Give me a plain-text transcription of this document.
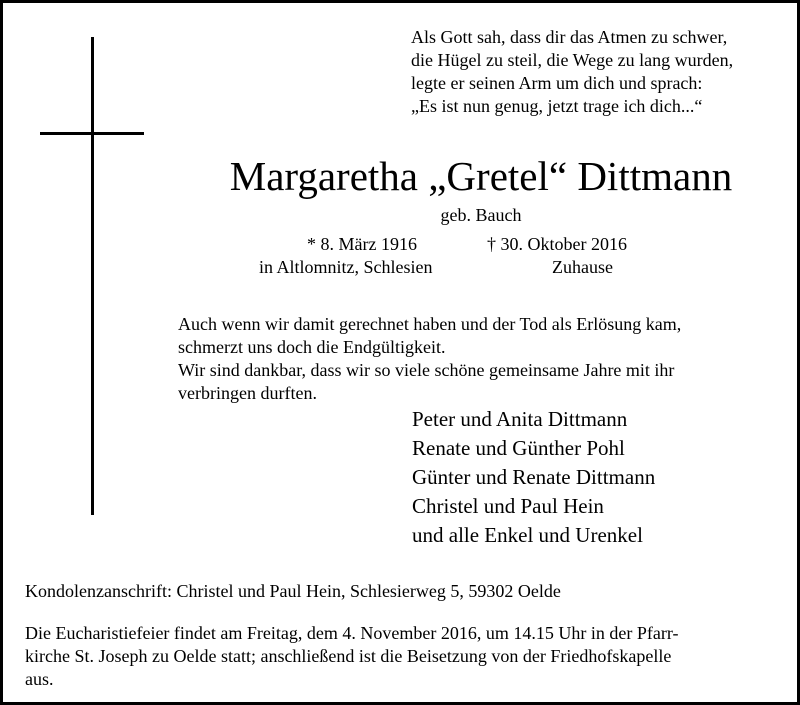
Als Gott sah, dass dir das Atmen zu schwer,
die Hügel zu steil, die Wege zu lang wurden,
legte er seinen Arm um dich und sprach:
„Es ist nun genug, jetzt trage ich dich...“
Margaretha „Gretel“ Dittmann
geb. Bauch
* 8. März 1916
in Altlomnitz, Schlesien
† 30. Oktober 2016
Zuhause
Auch wenn wir damit gerechnet haben und der Tod als Erlösung kam,
schmerzt uns doch die Endgültigkeit.
Wir sind dankbar, dass wir so viele schöne gemeinsame Jahre mit ihr
verbringen durften.
Peter und Anita Dittmann
Renate und Günther Pohl
Günter und Renate Dittmann
Christel und Paul Hein
und alle Enkel und Urenkel
Kondolenzanschrift: Christel und Paul Hein, Schlesierweg 5, 59302 Oelde
Die Eucharistiefeier findet am Freitag, dem 4. November 2016, um 14.15 Uhr in der Pfarr-
kirche St. Joseph zu Oelde statt; anschließend ist die Beisetzung von der Friedhofskapelle
aus.
